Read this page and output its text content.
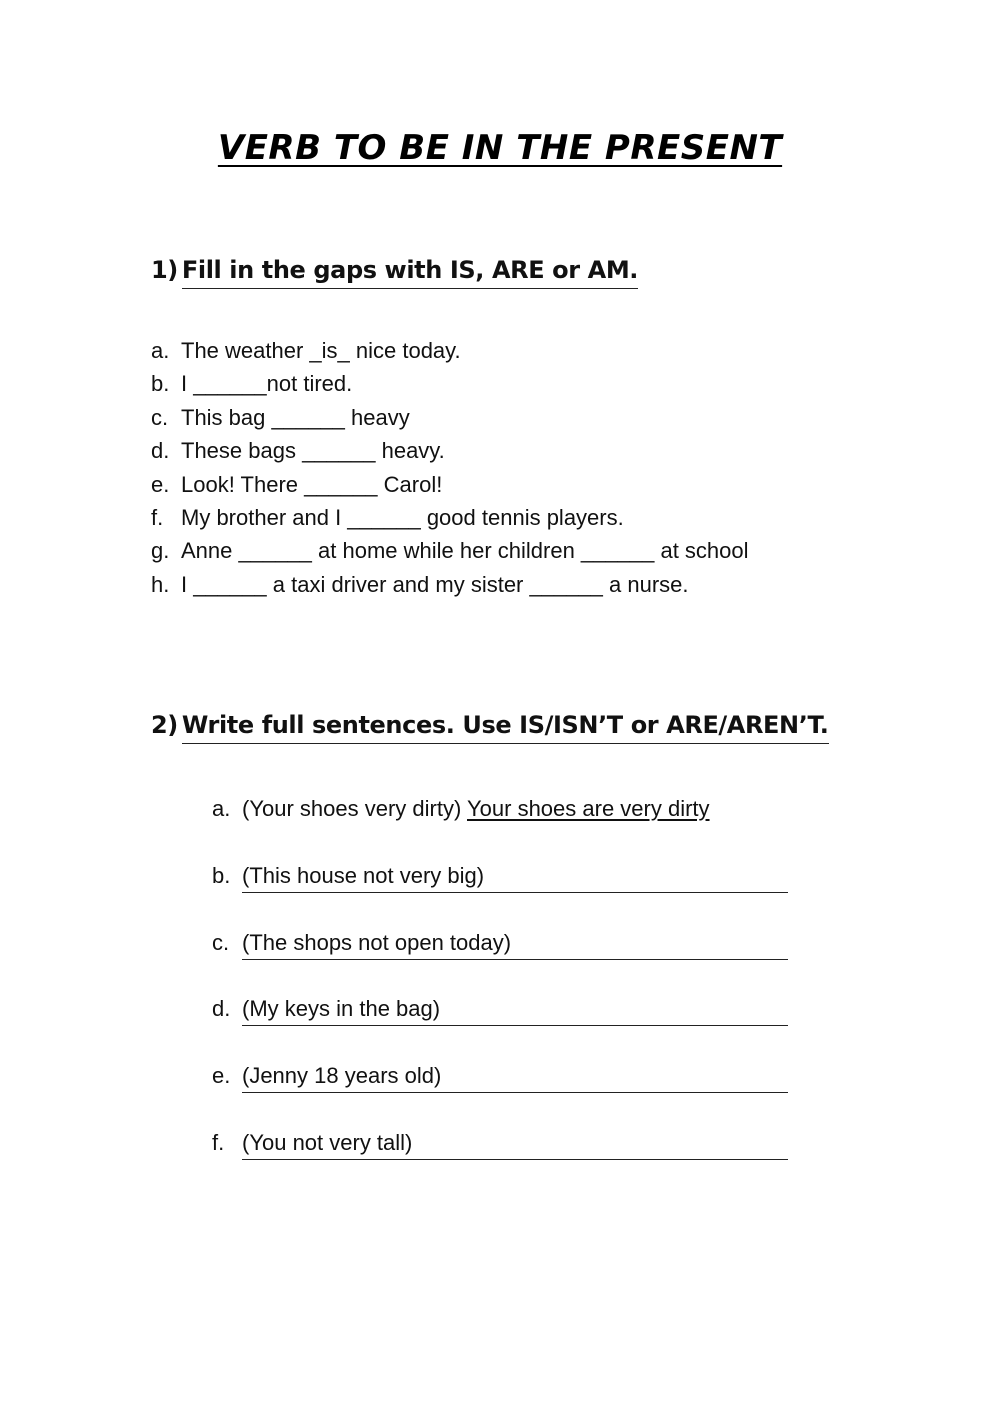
VERB TO BE IN THE PRESENT
1) Fill in the gaps with IS, ARE or AM.
a. The weather _is_ nice today.
b. I ______not tired.
c. This bag ______ heavy
d. These bags ______ heavy.
e. Look! There ______ Carol!
f. My brother and I ______ good tennis players.
g. Anne ______ at home while her children ______ at school
h. I ______ a taxi driver and my sister ______ a nurse.
2) Write full sentences. Use IS/ISN’T or ARE/AREN’T.
a. (Your shoes very dirty) Your shoes are very dirty
b. (This house not very big)
c. (The shops not open today)
d. (My keys in the bag)
e. (Jenny 18 years old)
f. (You not very tall)
